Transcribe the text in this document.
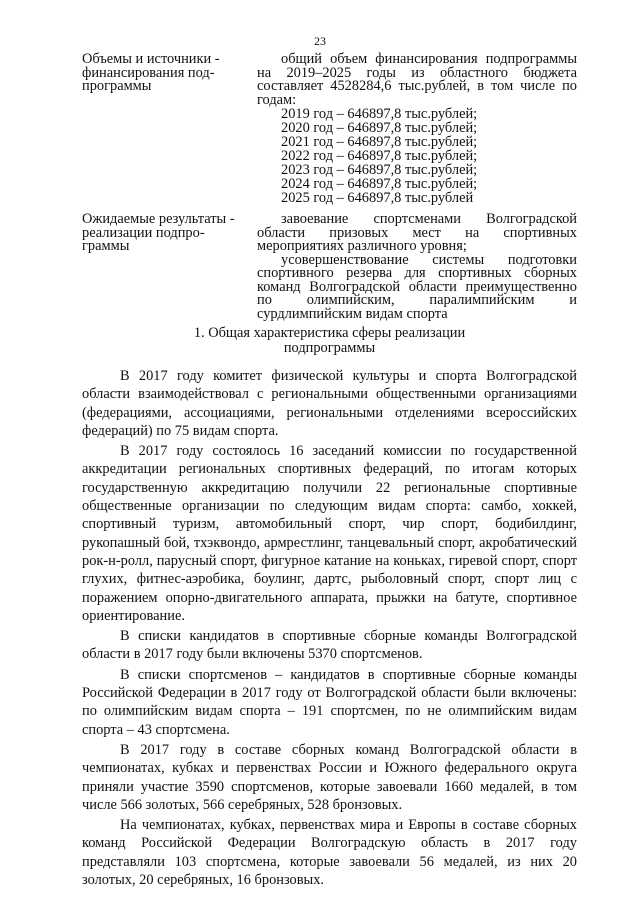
23
Объемы и источники -
финансирования под-
программы
общий объем финансирования подпрограммы на 2019–2025 годы из областного бюджета составляет 4528284,6 тыс.рублей, в том числе по годам:
2019 год – 646897,8 тыс.рублей;
2020 год – 646897,8 тыс.рублей;
2021 год – 646897,8 тыс.рублей;
2022 год – 646897,8 тыс.рублей;
2023 год – 646897,8 тыс.рублей;
2024 год – 646897,8 тыс.рублей;
2025 год – 646897,8 тыс.рублей
Ожидаемые результаты -
реализации подпро-
граммы
завоевание спортсменами Волгоградской области призовых мест на спортивных мероприятиях различного уровня;
усовершенствование системы подготовки спортивного резерва для спортивных сборных команд Волгоградской области преимущественно по олимпийским, паралимпийским и сурдлимпийским видам спорта
1. Общая характеристика сферы реализации
подпрограммы

В 2017 году комитет физической культуры и спорта Волгоградской области взаимодействовал с региональными общественными организациями (федерациями, ассоциациями, региональными отделениями всероссийских федераций) по 75 видам спорта.

В 2017 году состоялось 16 заседаний комиссии по государственной аккредитации региональных спортивных федераций, по итогам которых государственную аккредитацию получили 22 региональные спортивные общественные организации по следующим видам спорта: самбо, хоккей, спортивный туризм, автомобильный спорт, чир спорт, бодибилдинг, рукопашный бой, тхэквондо, армрестлинг, танцевальный спорт, акробатический рок-н-ролл, парусный спорт, фигурное катание на коньках, гиревой спорт, спорт глухих, фитнес-аэробика, боулинг, дартс, рыболовный спорт, спорт лиц с поражением опорно-двигательного аппарата, прыжки на батуте, спортивное ориентирование.

В списки кандидатов в спортивные сборные команды Волгоградской области в 2017 году были включены 5370 спортсменов.

В списки спортсменов – кандидатов в спортивные сборные команды Российской Федерации в 2017 году от Волгоградской области были включены: по олимпийским видам спорта – 191 спортсмен, по не олимпийским видам спорта – 43 спортсмена.

В 2017 году в составе сборных команд Волгоградской области в чемпионатах, кубках и первенствах России и Южного федерального округа приняли участие 3590 спортсменов, которые завоевали 1660 медалей, в том числе 566 золотых, 566 серебряных, 528 бронзовых.

На чемпионатах, кубках, первенствах мира и Европы в составе сборных команд Российской Федерации Волгоградскую область в 2017 году представляли 103 спортсмена, которые завоевали 56 медалей, из них 20 золотых, 20 серебряных, 16 бронзовых.
